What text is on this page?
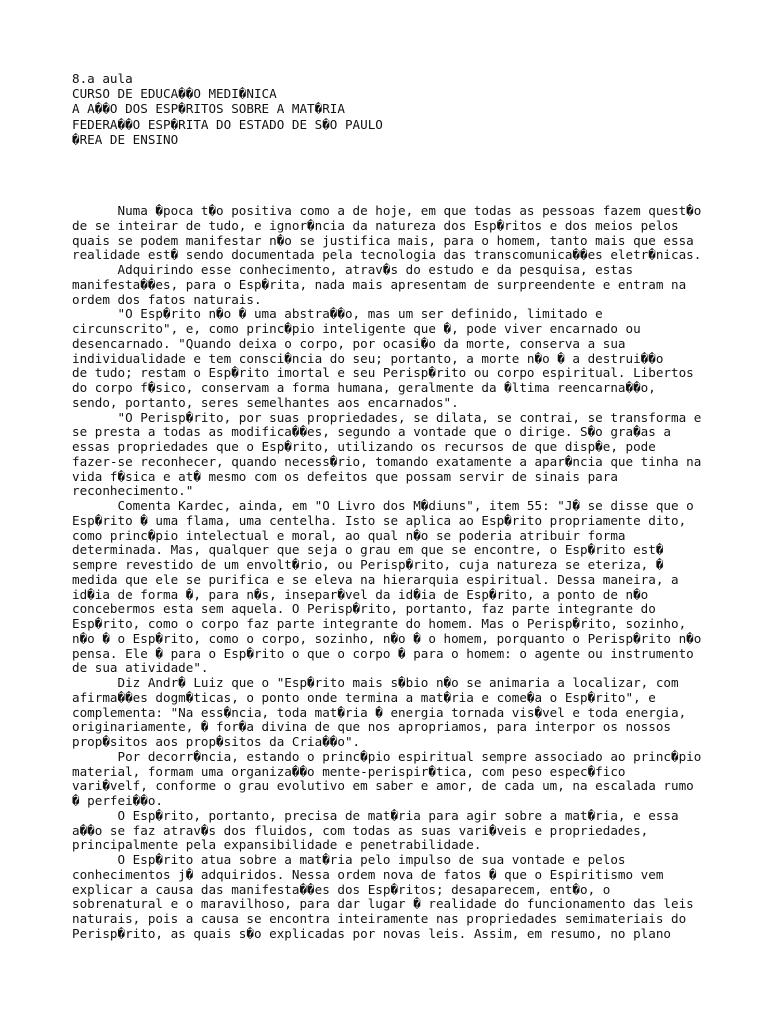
8.a aula
CURSO DE EDUCA��O MEDI�NICA
A A��O DOS ESP�RITOS SOBRE A MAT�RIA
FEDERA��O ESP�RITA DO ESTADO DE S�O PAULO
�REA DE ENSINO
Numa �poca t�o positiva como a de hoje, em que todas as pessoas fazem quest�o
de se inteirar de tudo, e ignor�ncia da natureza dos Esp�ritos e dos meios pelos
quais se podem manifestar n�o se justifica mais, para o homem, tanto mais que essa
realidade est� sendo documentada pela tecnologia das transcomunica��es eletr�nicas.
Adquirindo esse conhecimento, atrav�s do estudo e da pesquisa, estas
manifesta��es, para o Esp�rita, nada mais apresentam de surpreendente e entram na
ordem dos fatos naturais.
"O Esp�rito n�o � uma abstra��o, mas um ser definido, limitado e
circunscrito", e, como princ�pio inteligente que �, pode viver encarnado ou
desencarnado. "Quando deixa o corpo, por ocasi�o da morte, conserva a sua
individualidade e tem consci�ncia do seu; portanto, a morte n�o � a destrui��o
de tudo; restam o Esp�rito imortal e seu Perisp�rito ou corpo espiritual. Libertos
do corpo f�sico, conservam a forma humana, geralmente da �ltima reencarna��o,
sendo, portanto, seres semelhantes aos encarnados".
"O Perisp�rito, por suas propriedades, se dilata, se contrai, se transforma e
se presta a todas as modifica��es, segundo a vontade que o dirige. S�o gra�as a
essas propriedades que o Esp�rito, utilizando os recursos de que disp�e, pode
fazer-se reconhecer, quando necess�rio, tomando exatamente a apar�ncia que tinha na
vida f�sica e at� mesmo com os defeitos que possam servir de sinais para
reconhecimento."
Comenta Kardec, ainda, em "O Livro dos M�diuns", item 55: "J� se disse que o
Esp�rito � uma flama, uma centelha. Isto se aplica ao Esp�rito propriamente dito,
como princ�pio intelectual e moral, ao qual n�o se poderia atribuir forma
determinada. Mas, qualquer que seja o grau em que se encontre, o Esp�rito est�
sempre revestido de um envolt�rio, ou Perisp�rito, cuja natureza se eteriza, �
medida que ele se purifica e se eleva na hierarquia espiritual. Dessa maneira, a
id�ia de forma �, para n�s, insepar�vel da id�ia de Esp�rito, a ponto de n�o
concebermos esta sem aquela. O Perisp�rito, portanto, faz parte integrante do
Esp�rito, como o corpo faz parte integrante do homem. Mas o Perisp�rito, sozinho,
n�o � o Esp�rito, como o corpo, sozinho, n�o � o homem, porquanto o Perisp�rito n�o
pensa. Ele � para o Esp�rito o que o corpo � para o homem: o agente ou instrumento
de sua atividade".
Diz Andr� Luiz que o "Esp�rito mais s�bio n�o se animaria a localizar, com
afirma��es dogm�ticas, o ponto onde termina a mat�ria e come�a o Esp�rito", e
complementa: "Na ess�ncia, toda mat�ria � energia tornada vis�vel e toda energia,
originariamente, � for�a divina de que nos apropriamos, para interpor os nossos
prop�sitos aos prop�sitos da Cria��o".
Por decorr�ncia, estando o princ�pio espiritual sempre associado ao princ�pio
material, formam uma organiza��o mente-perispir�tica, com peso espec�fico
vari�velf, conforme o grau evolutivo em saber e amor, de cada um, na escalada rumo
� perfei��o.
O Esp�rito, portanto, precisa de mat�ria para agir sobre a mat�ria, e essa
a��o se faz atrav�s dos fluidos, com todas as suas vari�veis e propriedades,
principalmente pela expansibilidade e penetrabilidade.
O Esp�rito atua sobre a mat�ria pelo impulso de sua vontade e pelos
conhecimentos j� adquiridos. Nessa ordem nova de fatos � que o Espiritismo vem
explicar a causa das manifesta��es dos Esp�ritos; desaparecem, ent�o, o
sobrenatural e o maravilhoso, para dar lugar � realidade do funcionamento das leis
naturais, pois a causa se encontra inteiramente nas propriedades semimateriais do
Perisp�rito, as quais s�o explicadas por novas leis. Assim, em resumo, no plano
